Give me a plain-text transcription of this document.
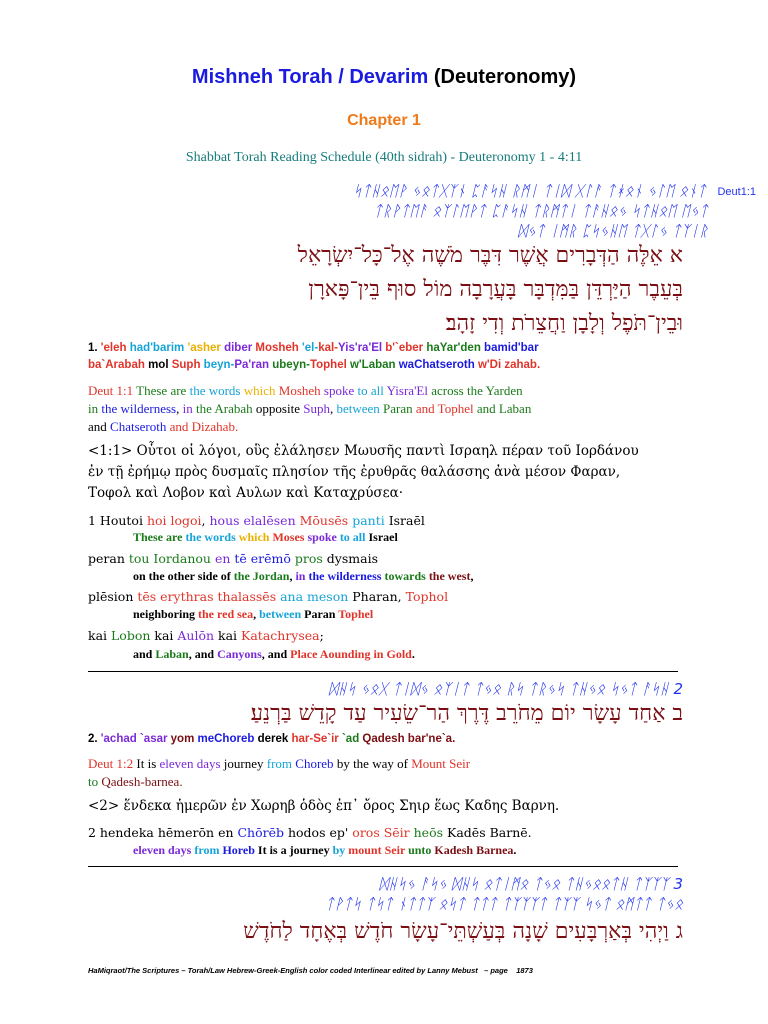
Mishneh Torah / Devarim (Deuteronomy)
Chapter 1
Shabbat Torah Reading Schedule (40th sidrah) - Deuteronomy 1 - 4:11
ᛋᛏᚺᛟᛖᚹ ᛃᛟᛏᚷᛉᚾ ᛈᚨᛋᚺ ᚱᛗᛁ ᛏᛁᛞ ᚷᛚᚨ ᛏᚼᛟᚾ ᛃᛚᛖ ᛟᚾᛏ Deut1:1
ᛏᚱᚹᛏᛖᚨ ᛟᛉᛚᛖᚹᛏ ᛈᚨᛋᚺ ᛏᚱᛗᛏᛁ ᛏᚨᚺᛟᛃ ᛋᛏᚺᛟᛖ ᛖᛃᛏ
ᛞᛃᛏ ᛁᛗᚱ ᛈᛋᛃᚺᛖ ᛏᚷᛚᛃ ᛏᛉᛁᚱ
א אֵלֶּה הַדְּבָרִים אֲשֶׁר דִּבֶּר מֹשֶׁה אֶל־כָּל־יִשְׂרָאֵל
בְּעֵבֶר הַיַּרְדֵּן בַּמִּדְבָּר בָּעֲרָבָה מוֹל סוּף בֵּין־פָּארָן
וּבֵין־תֹּפֶל וְלָבָן וַחֲצֵרֹת וְדִי זָהָב׃
1. 'eleh had'barim 'asher diber Mosheh 'el-kal-Yis'ra'El b'`eber haYar'den bamid'bar
ba`Arabah mol Suph beyn-Pa'ran ubeyn-Tophel w'Laban waChatseroth w'Di zahab.
Deut 1:1 These are the words which Mosheh spoke to all Yisra'El across the Yarden
in the wilderness, in the Arabah opposite Suph, between Paran and Tophel and Laban
and Chatseroth and Dizahab.
<1:1> Οὗτοι οἱ λόγοι, οὓς ἐλάλησεν Μωυσῆς παντὶ Ισραηλ πέραν τοῦ Ιορδάνου
ἐν τῇ ἐρήμῳ πρὸς δυσμαῖς πλησίον τῆς ἐρυθρᾶς θαλάσσης ἀνὰ μέσον Φαραν,
Τοφολ καὶ Λοβον καὶ Αυλων καὶ Καταχρύσεα·
1 Houtoi hoi logoi, hous elalēsen Mōusēs panti Israēl
These are the words which Moses spoke to all Israel
peran tou Iordanou en tē erēmō pros dysmais
on the other side of the Jordan, in the wilderness towards the west,
plēsion tēs erythras thalassēs ana meson Pharan, Tophol
neighboring the red sea, between Paran Tophel
kai Lobon kai Aulōn kai Katachrysea;
and Laban, and Canyons, and Place Aounding in Gold.
ᛞᚺᛋ ᛃᛟᚷ ᛏᛁᛞᛃ ᛟᛉᛁᛏ ᛏᛃᛟ ᚱᛋ ᛏᚱᛃᛋ ᛏᚺᛃᛟ ᛋᛃᛏ ᚨᛋᚺ 2
ב אַחַד עָשָׂר יוֹם מֵחֹרֵב דֶּרֶךְ הַר־שֵׂעִיר עַד קָדֵשׁ בַּרְנֵעַ׃
2. 'achad `asar yom meChoreb derek har-Se`ir `ad Qadesh bar'ne`a.
Deut 1:2 It is eleven days journey from Choreb by the way of Mount Seir
to Qadesh-barnea.
<2> ἕνδεκα ἡμερῶν ἐν Χωρηβ ὁδὸς ἐπ᾽ ὄρος Σηιρ ἕως Καδης Βαρνη.
2 hendeka hēmerōn en Chōrēb hodos ep' oros Sēir heōs Kadēs Barnē.
eleven days from Horeb It is a journey by mount Seir unto Kadesh Barnea.
ᛞᚺᛋᛃ ᚨᛋᛃ ᛞᚺᛋ ᛟᛏᛁᛗᛟ ᛏᛃᛟ ᛏᚺᛃᛟᛟᛏᚺ ᛏᛉᛉᛉ 3
ᛏᚹᛏᛋ ᛏᛋᛏ ᚾᛏᛏᛉ ᛟᛋᛏ ᛏᛏᛏ ᛏᛉᛉᛉᛏ ᛏᛉᛉ ᛋᛃᛏ ᛟᛗᛏᛏ ᛏᛃᛟ
ג וַיְהִי בְּאַרְבָּעִים שָׁנָה בְּעַשְׁתֵּי־עָשָׂר חֹדֶשׁ בְּאֶחָד לַחֹדֶשׁ
HaMiqraot/The Scriptures – Torah/Law Hebrew-Greek-English color coded Interlinear edited by Lanny Mebust – page 1873
